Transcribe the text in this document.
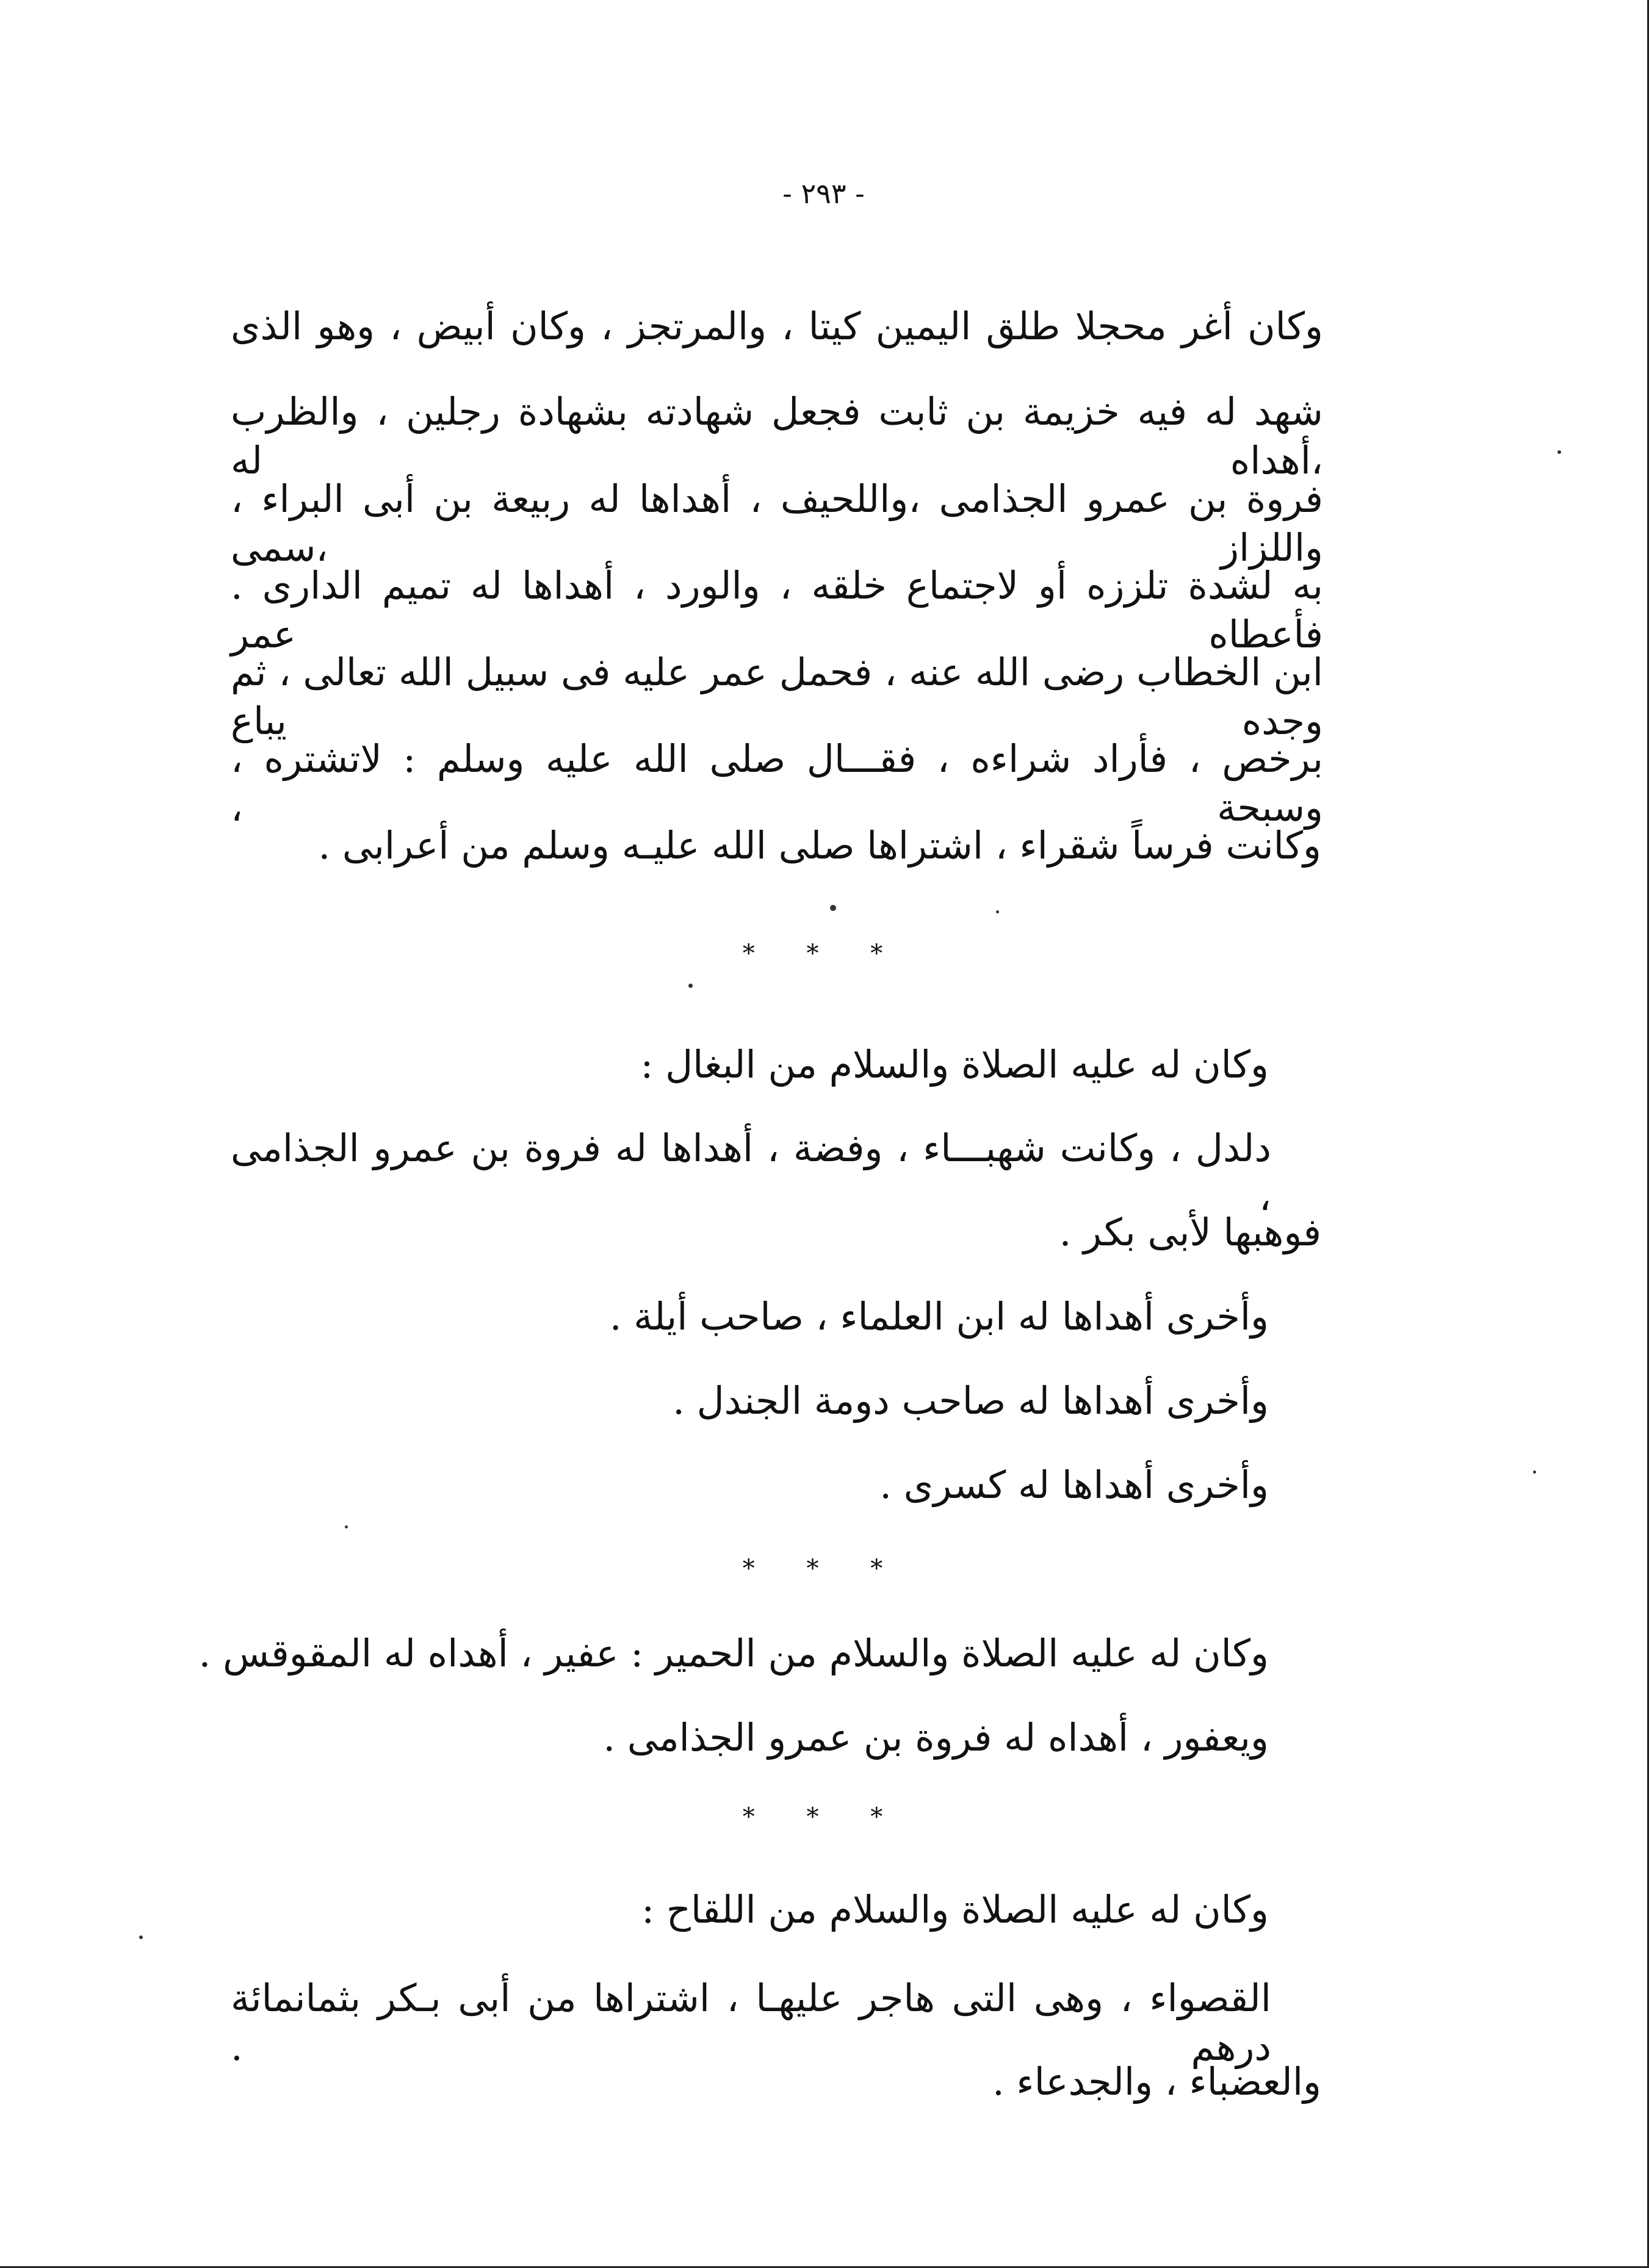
- ٢٩٣ -
وكان أغر محجلا طلق اليمين كيتا ، والمرتجز ، وكان أبيض ، وهو الذى
شهد له فيه خزيمة بن ثابت فجعل شهادته بشهادة رجلين ، والظرب ،أهداه له
فروة بن عمرو الجذامى ،واللحيف ، أهداها له ربيعة بن أبى البراء ، واللزاز ،سمى
به لشدة تلززه أو لاجتماع خلقه ، والورد ، أهداها له تميم الدارى . فأعطاه عمر
ابن الخطاب رضى الله عنه ، فحمل عمر عليه فى سبيل الله تعالى ، ثم وجده يباع
برخص ، فأراد شراءه ، فقـــال صلى الله عليه وسلم : لاتشتره ، وسبحة ،
وكانت فرساً شقراء ، اشتراها صلى الله عليـه وسلم من أعرابى .
* * *
وكان له عليه الصلاة والسلام من البغال :
دلدل ، وكانت شهبـــاء ، وفضة ، أهداها له فروة بن عمرو الجذامى ،
فوهبها لأبى بكر .
وأخرى أهداها له ابن العلماء ، صاحب أيلة .
وأخرى أهداها له صاحب دومة الجندل .
وأخرى أهداها له كسرى .
* * *
وكان له عليه الصلاة والسلام من الحمير : عفير ، أهداه له المقوقس .
ويعفور ، أهداه له فروة بن عمرو الجذامى .
* * *
وكان له عليه الصلاة والسلام من اللقاح :
القصواء ، وهى التى هاجر عليهـا ، اشتراها من أبى بـكر بثمانمائة درهم .
والعضباء ، والجدعاء .
